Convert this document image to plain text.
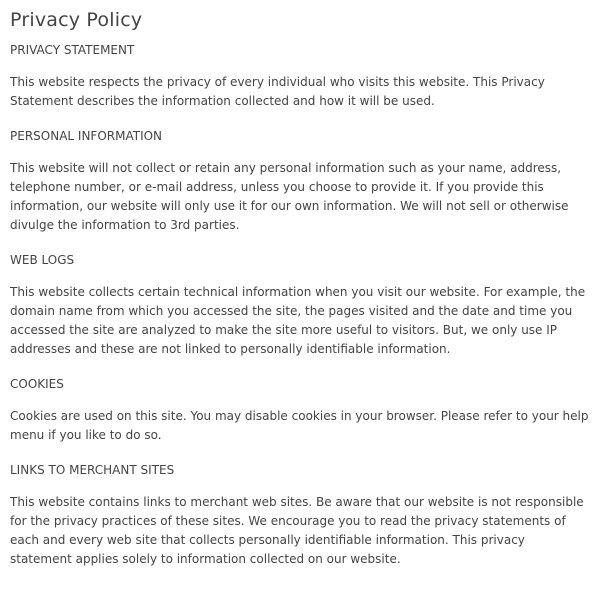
Privacy Policy
PRIVACY STATEMENT

This website respects the privacy of every individual who visits this website. This Privacy Statement describes the information collected and how it will be used.

PERSONAL INFORMATION

This website will not collect or retain any personal information such as your name, address, telephone number, or e-mail address, unless you choose to provide it. If you provide this information, our website will only use it for our own information. We will not sell or otherwise divulge the information to 3rd parties.

WEB LOGS

This website collects certain technical information when you visit our website. For example, the domain name from which you accessed the site, the pages visited and the date and time you accessed the site are analyzed to make the site more useful to visitors. But, we only use IP addresses and these are not linked to personally identifiable information.

COOKIES

Cookies are used on this site. You may disable cookies in your browser. Please refer to your help menu if you like to do so.

LINKS TO MERCHANT SITES

This website contains links to merchant web sites. Be aware that our website is not responsible for the privacy practices of these sites. We encourage you to read the privacy statements of each and every web site that collects personally identifiable information. This privacy statement applies solely to information collected on our website.
